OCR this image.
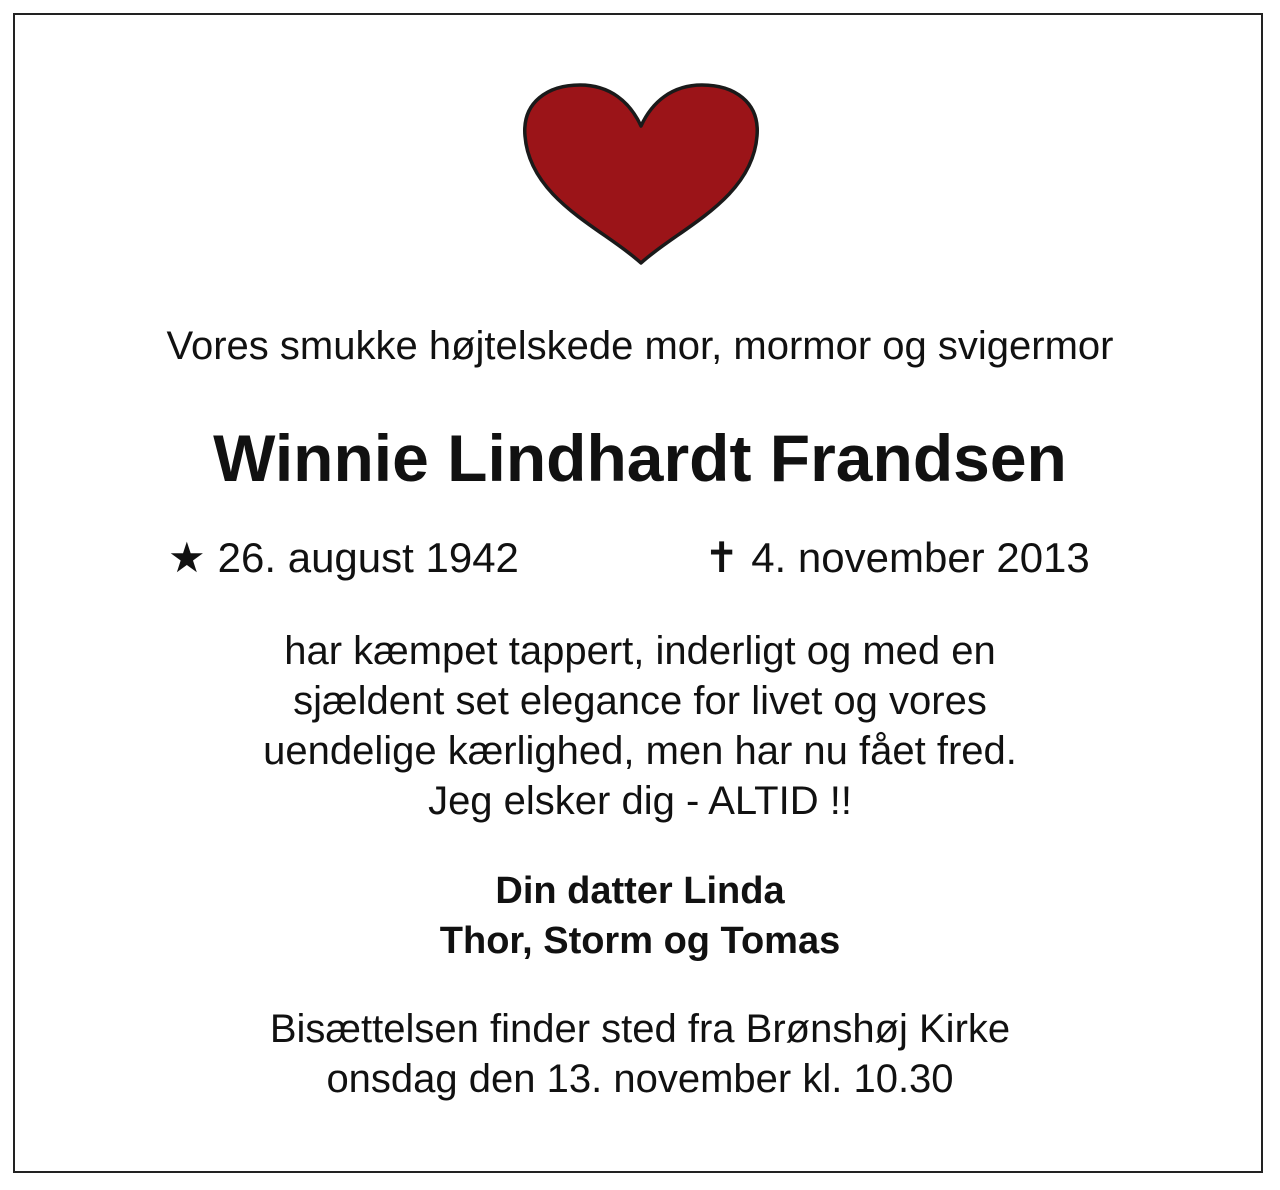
Vores smukke højtelskede mor, mormor og svigermor

Winnie Lindhardt Frandsen
★ 26. august 1942	✝ 4. november 2013
har kæmpet tappert, inderligt og med en
sjældent set elegance for livet og vores
uendelige kærlighed, men har nu fået fred.
Jeg elsker dig - ALTID !!
Din datter Linda
Thor, Storm og Tomas
Bisættelsen finder sted fra Brønshøj Kirke
onsdag den 13. november kl. 10.30
